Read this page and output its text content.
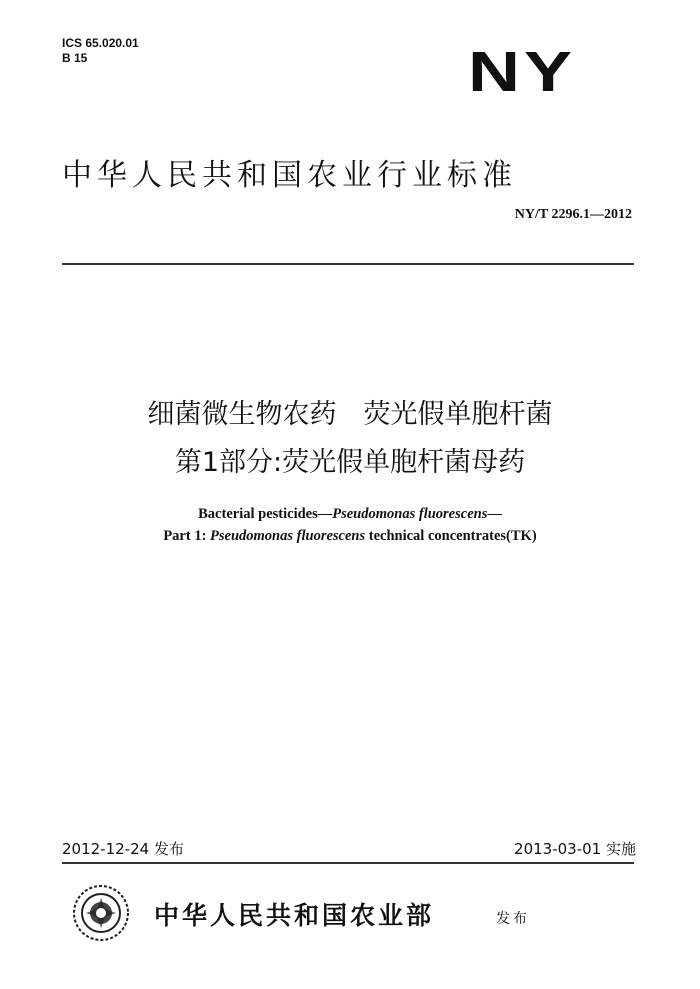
ICS 65.020.01
B 15	NY
中华人民共和国农业行业标准
NY/T 2296.1—2012
细菌微生物农药　荧光假单胞杆菌
第1部分:荧光假单胞杆菌母药
Bacterial pesticides—Pseudomonas fluorescens—
Part 1: Pseudomonas fluorescens technical concentrates(TK)
2012-12-24 发布	2013-03-01 实施
中华人民共和国农业部	发布
